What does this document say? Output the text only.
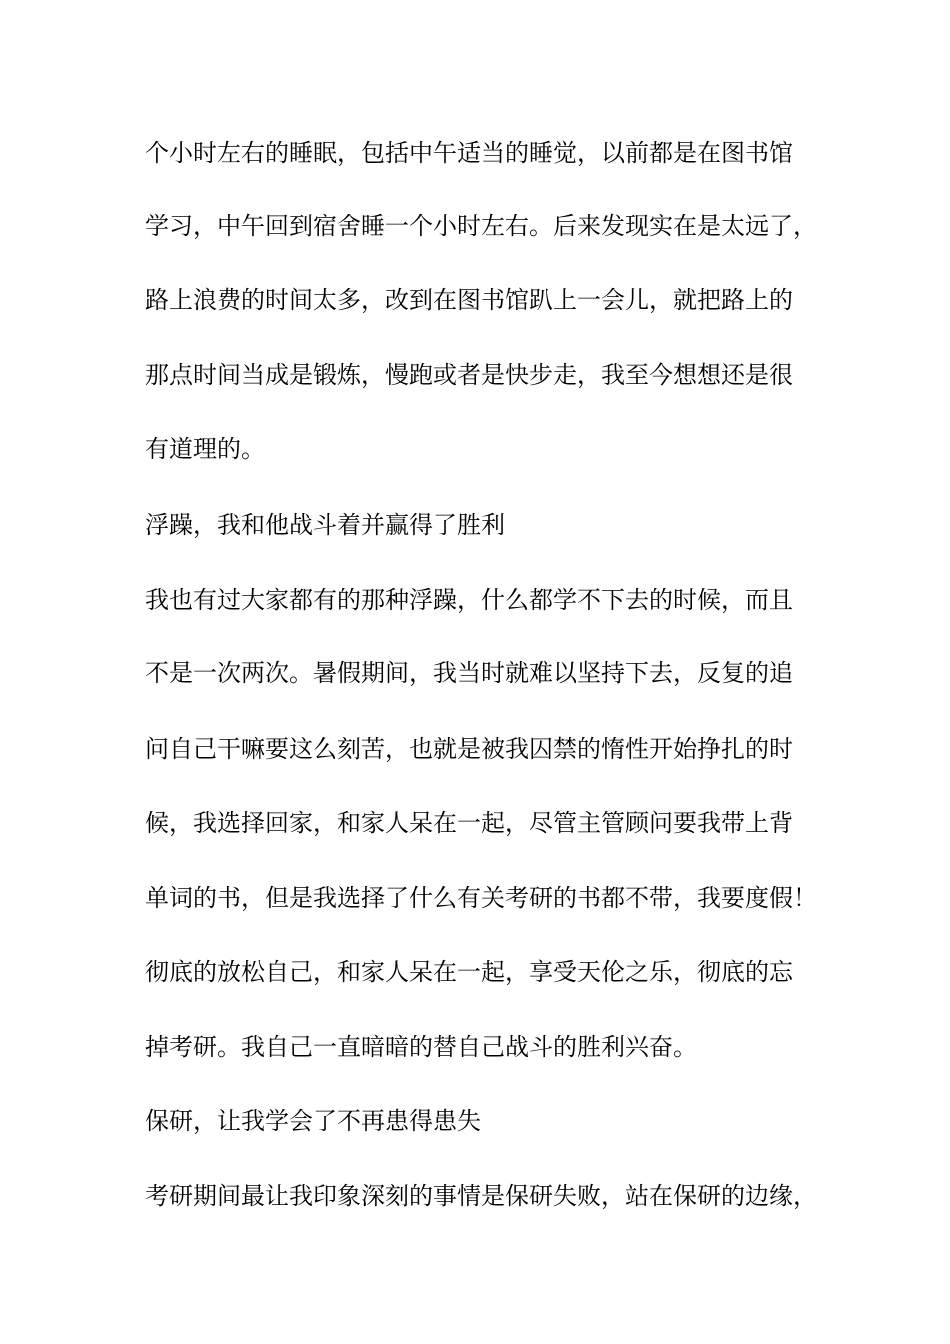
个小时左右的睡眠，包括中午适当的睡觉，以前都是在图书馆
学习，中午回到宿舍睡一个小时左右。后来发现实在是太远了，
路上浪费的时间太多，改到在图书馆趴上一会儿，就把路上的
那点时间当成是锻炼，慢跑或者是快步走，我至今想想还是很
有道理的。
浮躁，我和他战斗着并赢得了胜利
我也有过大家都有的那种浮躁，什么都学不下去的时候，而且
不是一次两次。暑假期间，我当时就难以坚持下去，反复的追
问自己干嘛要这么刻苦，也就是被我囚禁的惰性开始挣扎的时
候，我选择回家，和家人呆在一起，尽管主管顾问要我带上背
单词的书，但是我选择了什么有关考研的书都不带，我要度假！
彻底的放松自己，和家人呆在一起，享受天伦之乐，彻底的忘
掉考研。我自己一直暗暗的替自己战斗的胜利兴奋。
保研，让我学会了不再患得患失
考研期间最让我印象深刻的事情是保研失败，站在保研的边缘，
